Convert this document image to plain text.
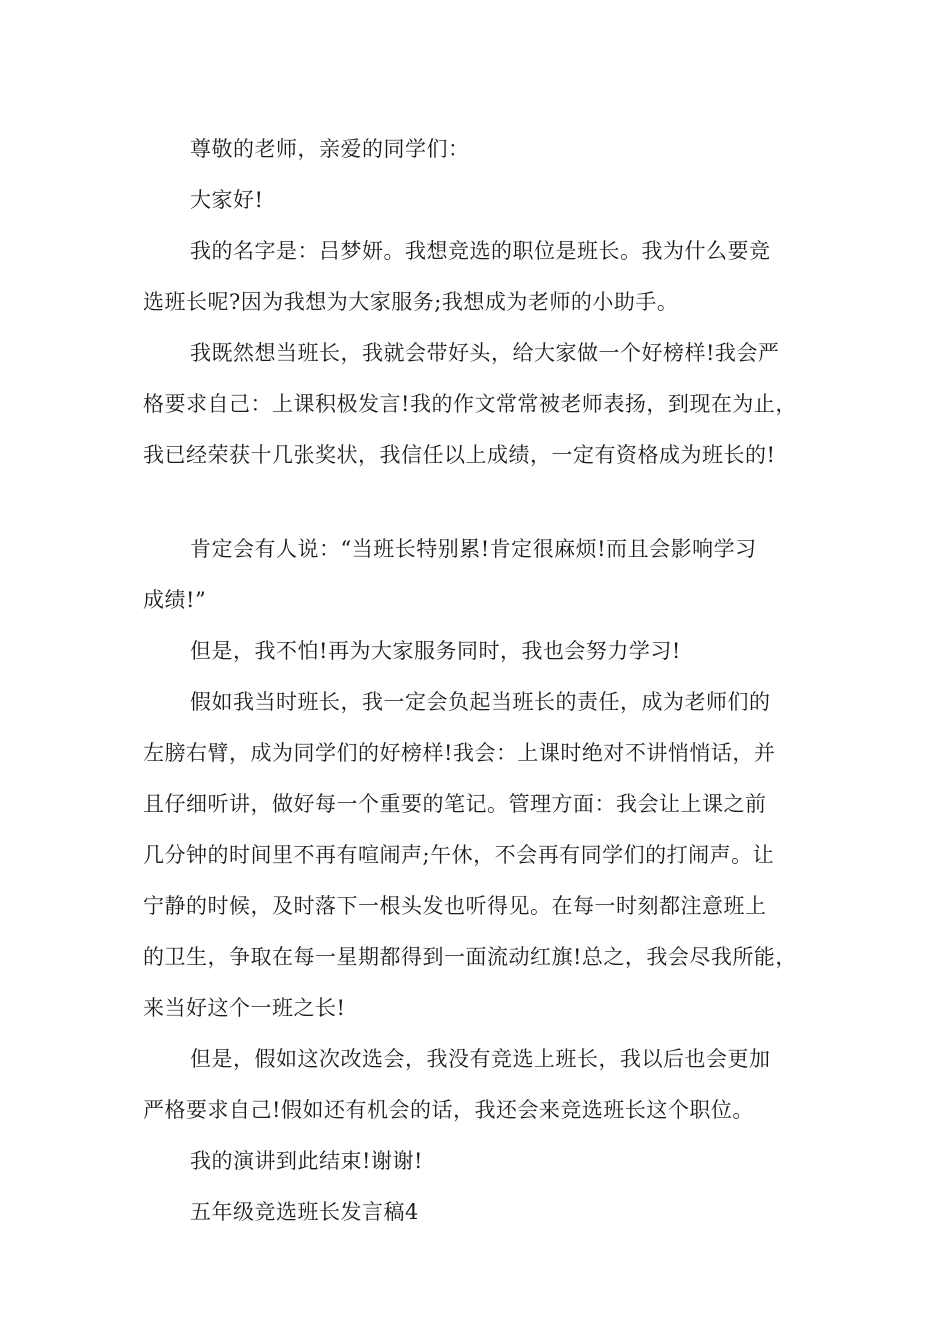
尊敬的老师，亲爱的同学们：
大家好!
我的名字是：吕梦妍。我想竞选的职位是班长。我为什么要竞
选班长呢?因为我想为大家服务;我想成为老师的小助手。
我既然想当班长，我就会带好头，给大家做一个好榜样!我会严
格要求自己：上课积极发言!我的作文常常被老师表扬，到现在为止，
我已经荣获十几张奖状，我信任以上成绩，一定有资格成为班长的!
肯定会有人说：“当班长特别累!肯定很麻烦!而且会影响学习
成绩!”
但是，我不怕!再为大家服务同时，我也会努力学习!
假如我当时班长，我一定会负起当班长的责任，成为老师们的
左膀右臂，成为同学们的好榜样!我会：上课时绝对不讲悄悄话，并
且仔细听讲，做好每一个重要的笔记。管理方面：我会让上课之前
几分钟的时间里不再有喧闹声;午休，不会再有同学们的打闹声。让
宁静的时候，及时落下一根头发也听得见。在每一时刻都注意班上
的卫生，争取在每一星期都得到一面流动红旗!总之，我会尽我所能，
来当好这个一班之长!
但是，假如这次改选会，我没有竞选上班长，我以后也会更加
严格要求自己!假如还有机会的话，我还会来竞选班长这个职位。
我的演讲到此结束!谢谢!
五年级竞选班长发言稿4
